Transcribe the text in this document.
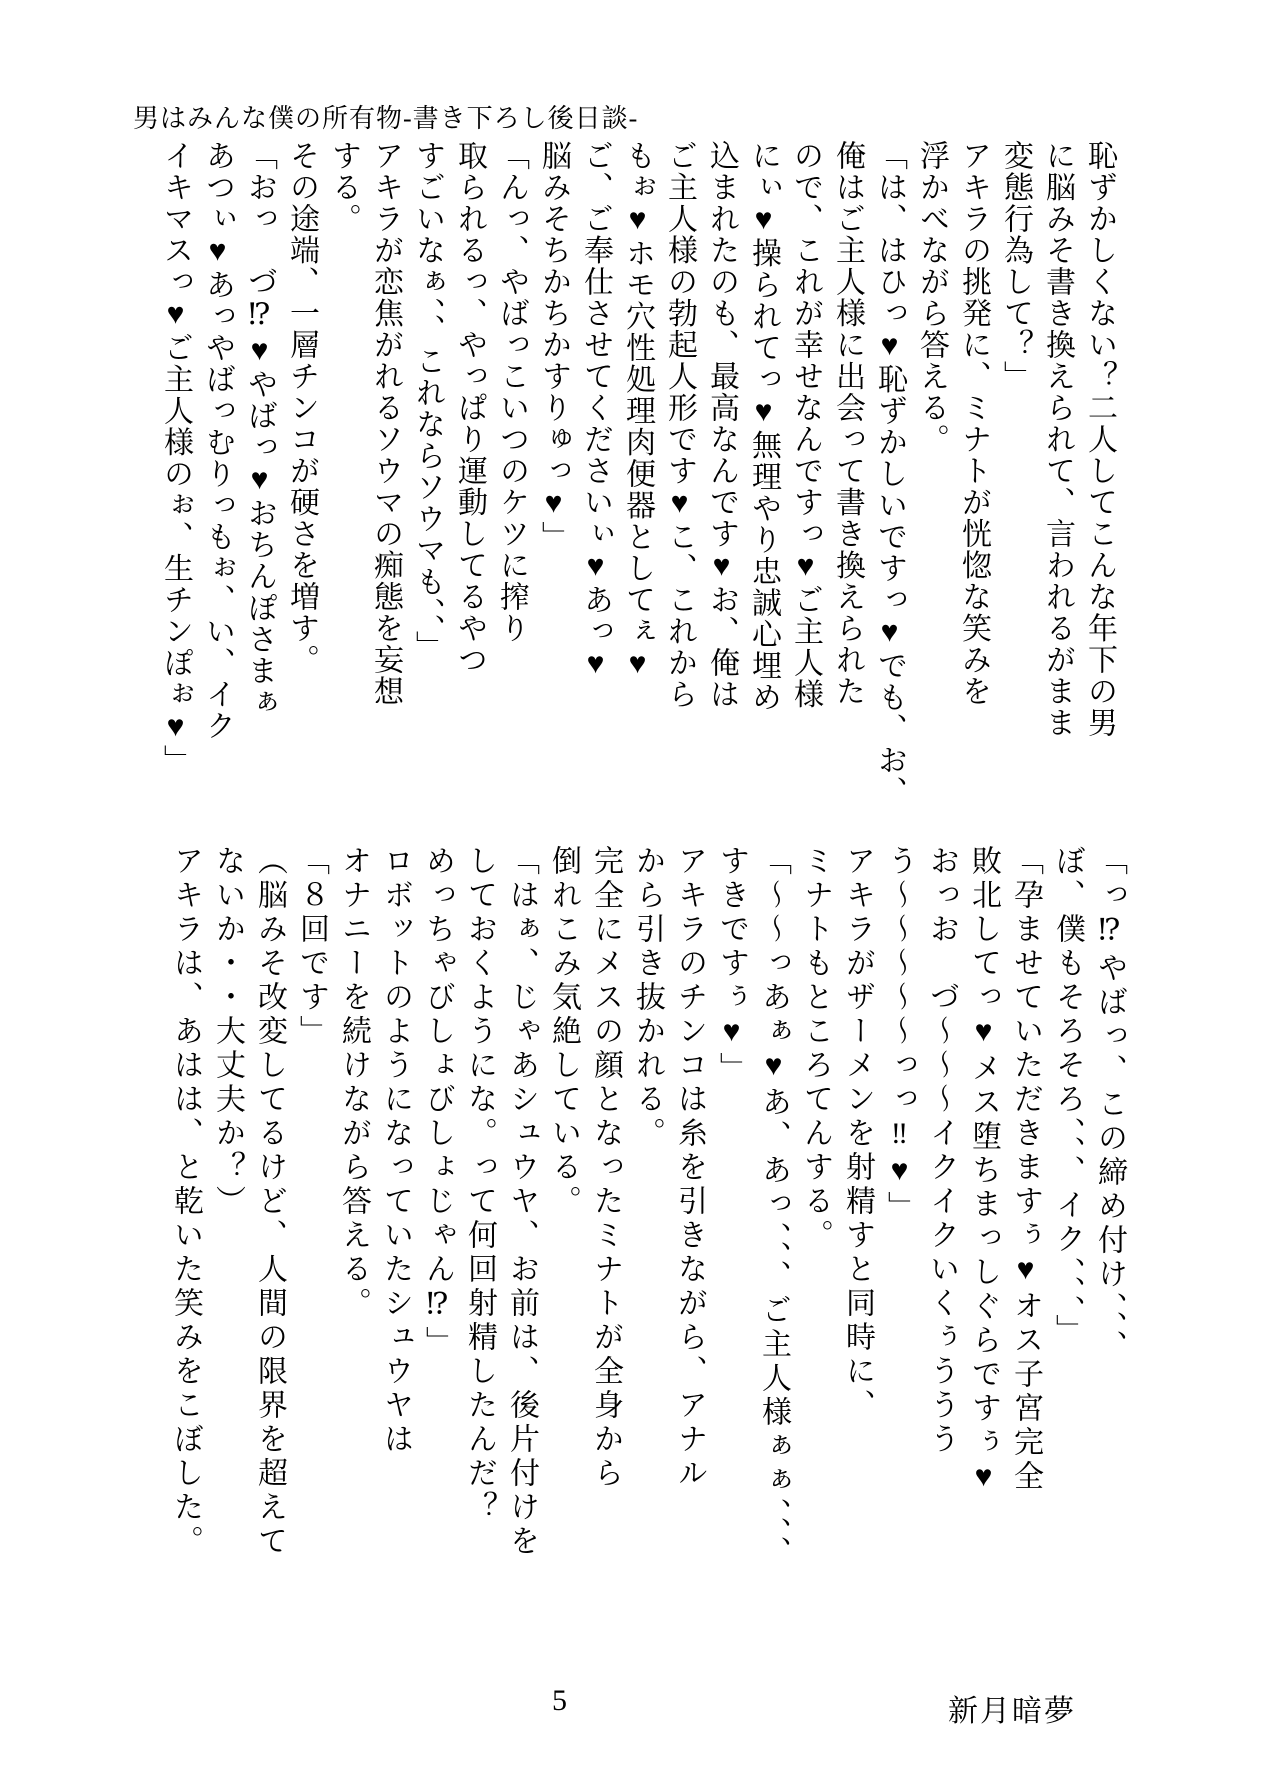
男はみんな僕の所有物-書き下ろし後日談-
恥ずかしくない？二人してこんな年下の男
に脳みそ書き換えられて、言われるがまま
変態行為して？」
アキラの挑発に、ミナトが恍惚な笑みを
浮かべながら答える。
「は、はひっ♥恥ずかしいですっ♥でも、お、
俺はご主人様に出会って書き換えられた
ので、これが幸せなんですっ♥ご主人様
にぃ♥操られてっ♥無理やり忠誠心埋め
込まれたのも、最高なんです♥お、俺は
ご主人様の勃起人形です♥こ、これから
もぉ♥ホモ穴性処理肉便器としてぇ♥
ご、ご奉仕させてくださいぃ♥あっ♥
脳みそちかちかすりゅっ♥」
「んっ、やばっこいつのケツに搾り
取られるっ、やっぱり運動してるやつ
すごいなぁ、、これならソウマも、、」
アキラが恋焦がれるソウマの痴態を妄想
する。
その途端、一層チンコが硬さを増す。
「おっ　づ⁉♥やばっ♥おちんぽさまぁ
あつぃ♥あっやばっむりっもぉ、い、イク
イキマスっ♥ご主人様のぉ、生チンぽぉ♥」
「っ⁉やばっ、この締め付け、、、
ぼ、僕もそろそろ、、、イク、、、」
「孕ませていただきますぅ♥オス子宮完全
敗北してっ♥メス堕ちまっしぐらですぅ♥
おっお　づ〜〜〜イクイクいくぅううう
う〜〜〜〜〜っっ‼♥」
アキラがザーメンを射精すと同時に、
ミナトもところてんする。
「〜〜っあぁ♥あ、あっ、、、ご主人様ぁぁ、、、
すきですぅ♥」
アキラのチンコは糸を引きながら、アナル
から引き抜かれる。
完全にメスの顔となったミナトが全身から
倒れこみ気絶している。
「はぁ、じゃあシュウヤ、お前は、後片付けを
しておくようにな。って何回射精したんだ？
めっちゃびしょびしょじゃん⁉」
ロボットのようになっていたシュウヤは
オナニーを続けながら答える。
「８回です」
（脳みそ改変してるけど、人間の限界を超えて
ないか・・大丈夫か？）
アキラは、あはは、と乾いた笑みをこぼした。
5	新月暗夢
